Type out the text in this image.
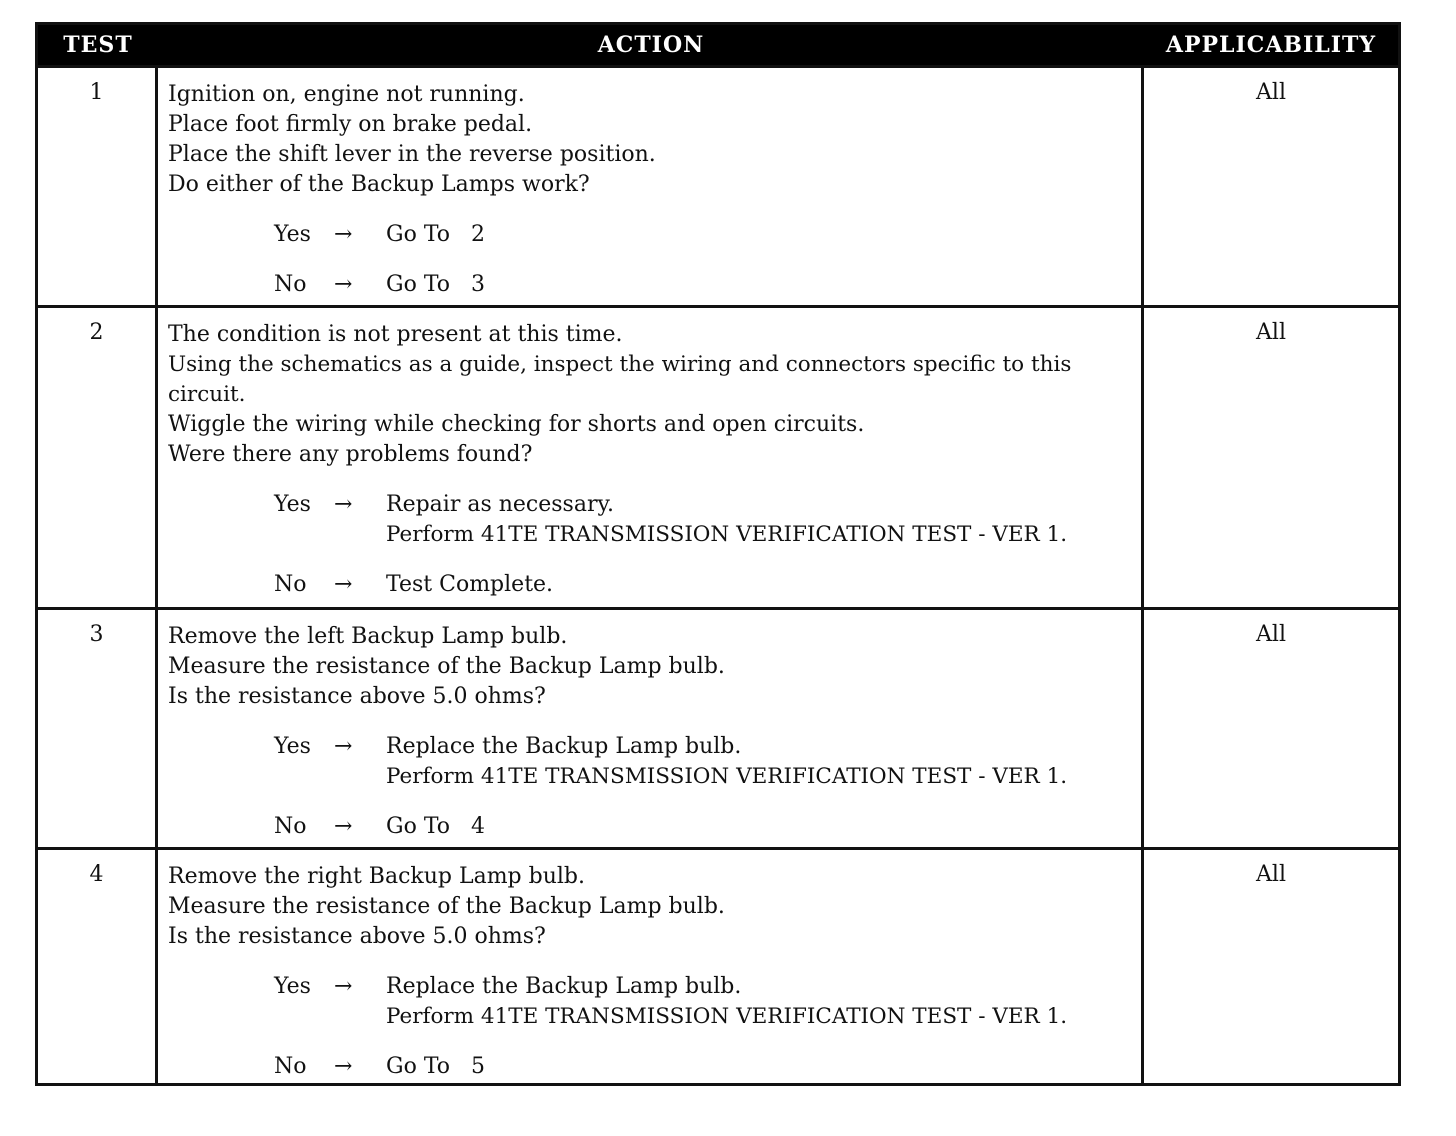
TEST	ACTION	APPLICABILITY
1	Ignition on, engine not running.
Place foot firmly on brake pedal.
Place the shift lever in the reverse position.
Do either of the Backup Lamps work?
Yes	→	Go To   2
No	→	Go To   3
All
2	The condition is not present at this time.
Using the schematics as a guide, inspect the wiring and connectors specific to this circuit.
Wiggle the wiring while checking for shorts and open circuits.
Were there any problems found?
Yes	→	Repair as necessary.
Perform 41TE TRANSMISSION VERIFICATION TEST - VER 1.
No	→	Test Complete.
All
3	Remove the left Backup Lamp bulb.
Measure the resistance of the Backup Lamp bulb.
Is the resistance above 5.0 ohms?
Yes	→	Replace the Backup Lamp bulb.
Perform 41TE TRANSMISSION VERIFICATION TEST - VER 1.
No	→	Go To   4
All
4	Remove the right Backup Lamp bulb.
Measure the resistance of the Backup Lamp bulb.
Is the resistance above 5.0 ohms?
Yes	→	Replace the Backup Lamp bulb.
Perform 41TE TRANSMISSION VERIFICATION TEST - VER 1.
No	→	Go To   5
All
